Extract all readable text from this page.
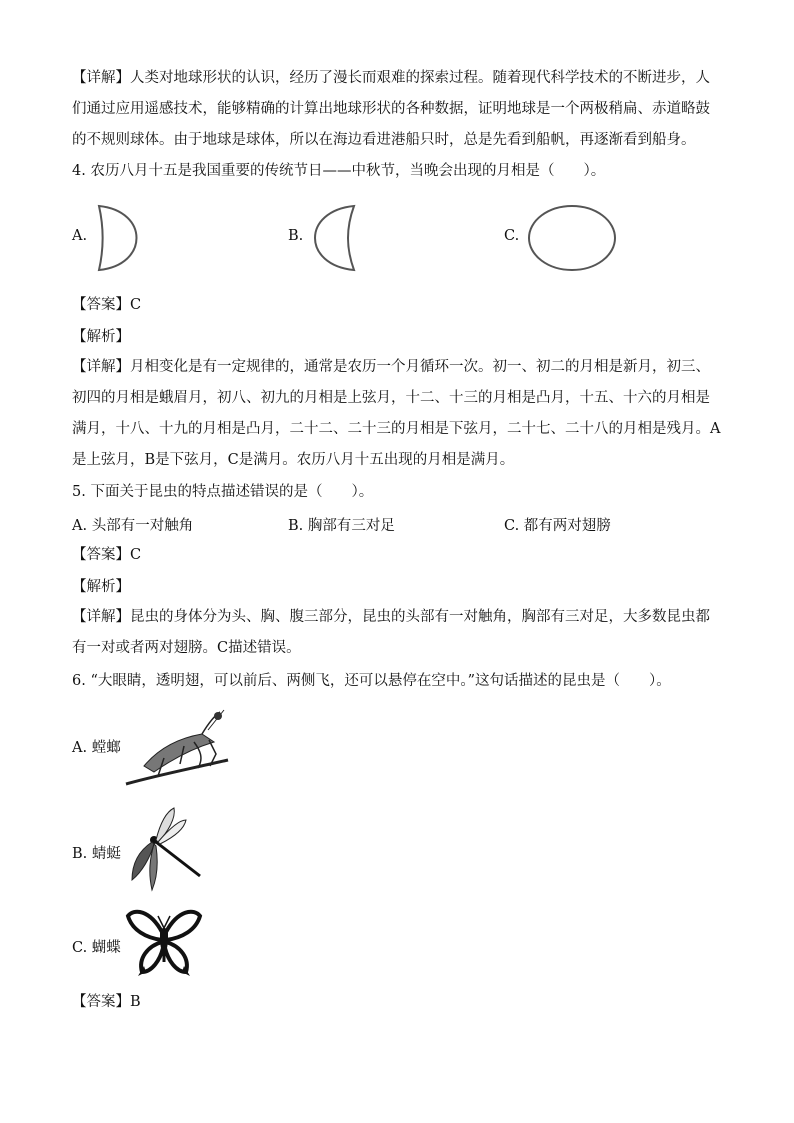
【详解】人类对地球形状的认识，经历了漫长而艰难的探索过程。随着现代科学技术的不断进步，人们通过应用遥感技术，能够精确的计算出地球形状的各种数据，证明地球是一个两极稍扁、赤道略鼓的不规则球体。由于地球是球体，所以在海边看进港船只时，总是先看到船帆，再逐渐看到船身。
4. 农历八月十五是我国重要的传统节日——中秋节，当晚会出现的月相是（　　）。
A.	B.	C.
【答案】C
【解析】
【详解】月相变化是有一定规律的，通常是农历一个月循环一次。初一、初二的月相是新月，初三、初四的月相是蛾眉月，初八、初九的月相是上弦月，十二、十三的月相是凸月，十五、十六的月相是满月，十八、十九的月相是凸月，二十二、二十三的月相是下弦月，二十七、二十八的月相是残月。A是上弦月，B是下弦月，C是满月。农历八月十五出现的月相是满月。
5. 下面关于昆虫的特点描述错误的是（　　）。
A. 头部有一对触角	B. 胸部有三对足	C. 都有两对翅膀
【答案】C
【解析】
【详解】昆虫的身体分为头、胸、腹三部分，昆虫的头部有一对触角，胸部有三对足，大多数昆虫都有一对或者两对翅膀。C描述错误。
6. “大眼睛，透明翅，可以前后、两侧飞，还可以悬停在空中。”这句话描述的昆虫是（　　）。
A. 螳螂
B. 蜻蜓
C. 蝴蝶
【答案】B
